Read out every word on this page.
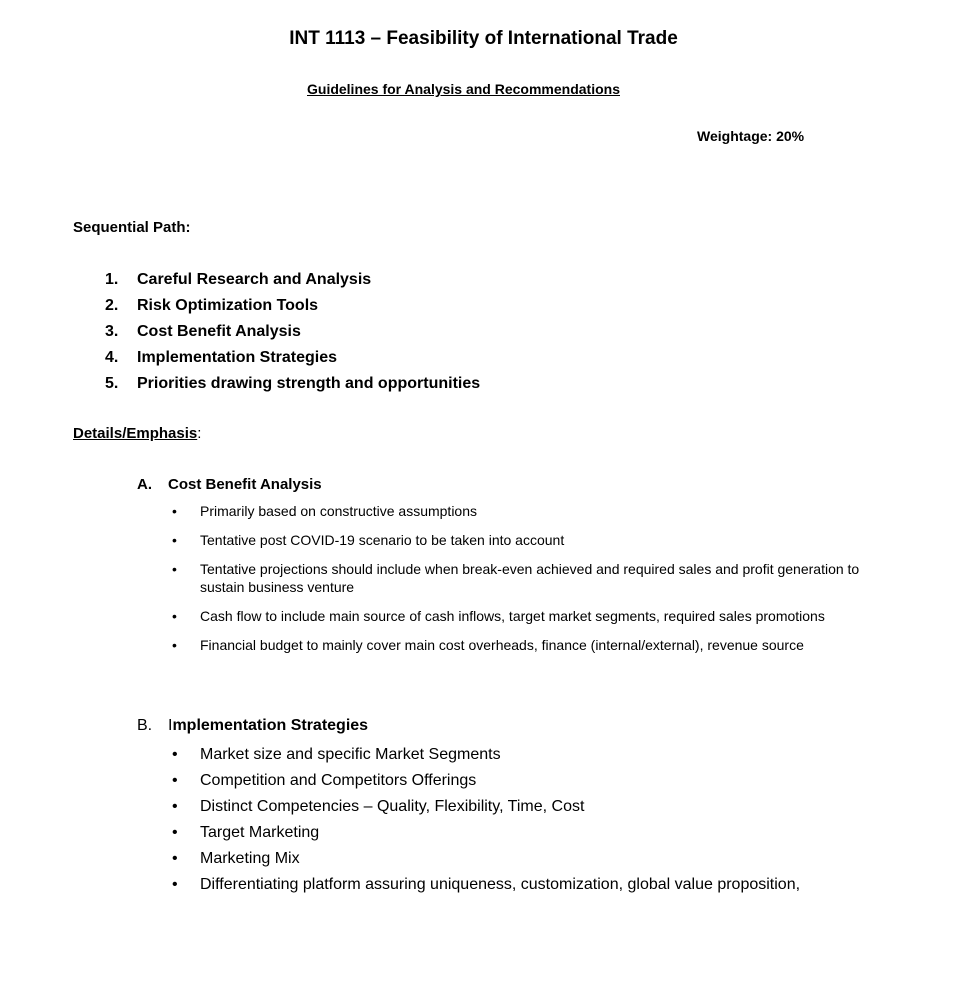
INT 1113 – Feasibility of International Trade
Guidelines for Analysis and Recommendations
Weightage: 20%
Sequential Path:
1. Careful Research and Analysis
2. Risk Optimization Tools
3. Cost Benefit Analysis
4. Implementation Strategies
5. Priorities drawing strength and opportunities
Details/Emphasis:
A. Cost Benefit Analysis
• Primarily based on constructive assumptions
• Tentative post COVID-19 scenario to be taken into account
• Tentative projections should include when break-even achieved and required sales and profit generation to sustain business venture
• Cash flow to include main source of cash inflows, target market segments, required sales promotions
• Financial budget to mainly cover main cost overheads, finance (internal/external), revenue source
B. Implementation Strategies
• Market size and specific Market Segments
• Competition and Competitors Offerings
• Distinct Competencies – Quality, Flexibility, Time, Cost
• Target Marketing
• Marketing Mix
• Differentiating platform assuring uniqueness, customization, global value proposition,
